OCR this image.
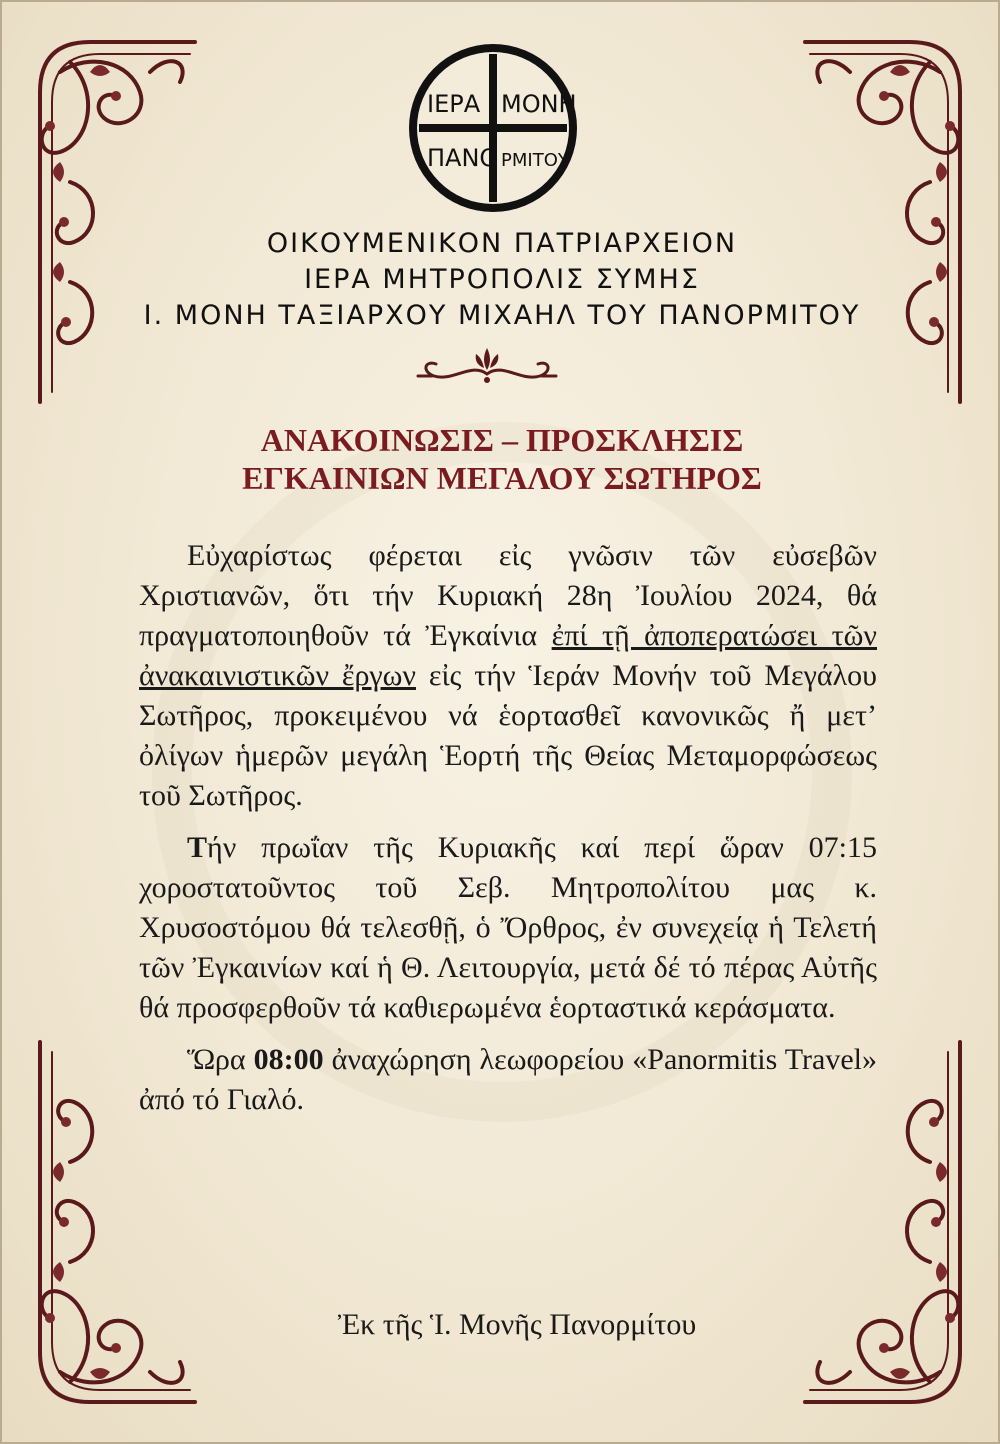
ΙΕΡΑ ΜΟΝΗ
ΠΑΝΟ ΡΜΙΤΟΥ
ΟΙΚΟΥΜΕΝΙΚΟΝ ΠΑΤΡΙΑΡΧΕΙΟΝ
ΙΕΡΑ ΜΗΤΡΟΠΟΛΙΣ ΣΥΜΗΣ
Ι. ΜΟΝΗ ΤΑΞΙΑΡΧΟΥ ΜΙΧΑΗΛ ΤΟΥ ΠΑΝΟΡΜΙΤΟΥ
ΑΝΑΚΟΙΝΩΣΙΣ – ΠΡΟΣΚΛΗΣΙΣ
ΕΓΚΑΙΝΙΩΝ ΜΕΓΑΛΟΥ ΣΩΤΗΡΟΣ

Εὐχαρίστως φέρεται εἰς γνῶσιν τῶν εὐσεβῶν Χριστιανῶν, ὅτι τήν Κυριακή 28η Ἰουλίου 2024, θά πραγματοποιηθοῦν τά Ἐγκαίνια ἐπί τῇ ἀποπερατώσει τῶν ἀνακαινιστικῶν ἔργων εἰς τήν Ἱεράν Μονήν τοῦ Μεγάλου Σωτῆρος, προκειμένου νά ἑορτασθεῖ κανονικῶς ἤ μετ’ ὀλίγων ἡμερῶν μεγάλη Ἑορτή τῆς Θείας Μεταμορφώσεως τοῦ Σωτῆρος.

Τήν πρωΐαν τῆς Κυριακῆς καί περί ὥραν 07:15 χοροστατοῦντος τοῦ Σεβ. Μητροπολίτου μας κ. Χρυσοστόμου θά τελεσθῇ, ὁ Ὄρθρος, ἐν συνεχείᾳ ἡ Τελετή τῶν Ἐγκαινίων καί ἡ Θ. Λειτουργία, μετά δέ τό πέρας Αὐτῆς θά προσφερθοῦν τά καθιερωμένα ἑορταστικά κεράσματα.

Ὥρα 08:00 ἀναχώρηση λεωφορείου «Panormitis Travel» ἀπό τό Γιαλό.

Ἐκ τῆς Ἱ. Μονῆς Πανορμίτου
